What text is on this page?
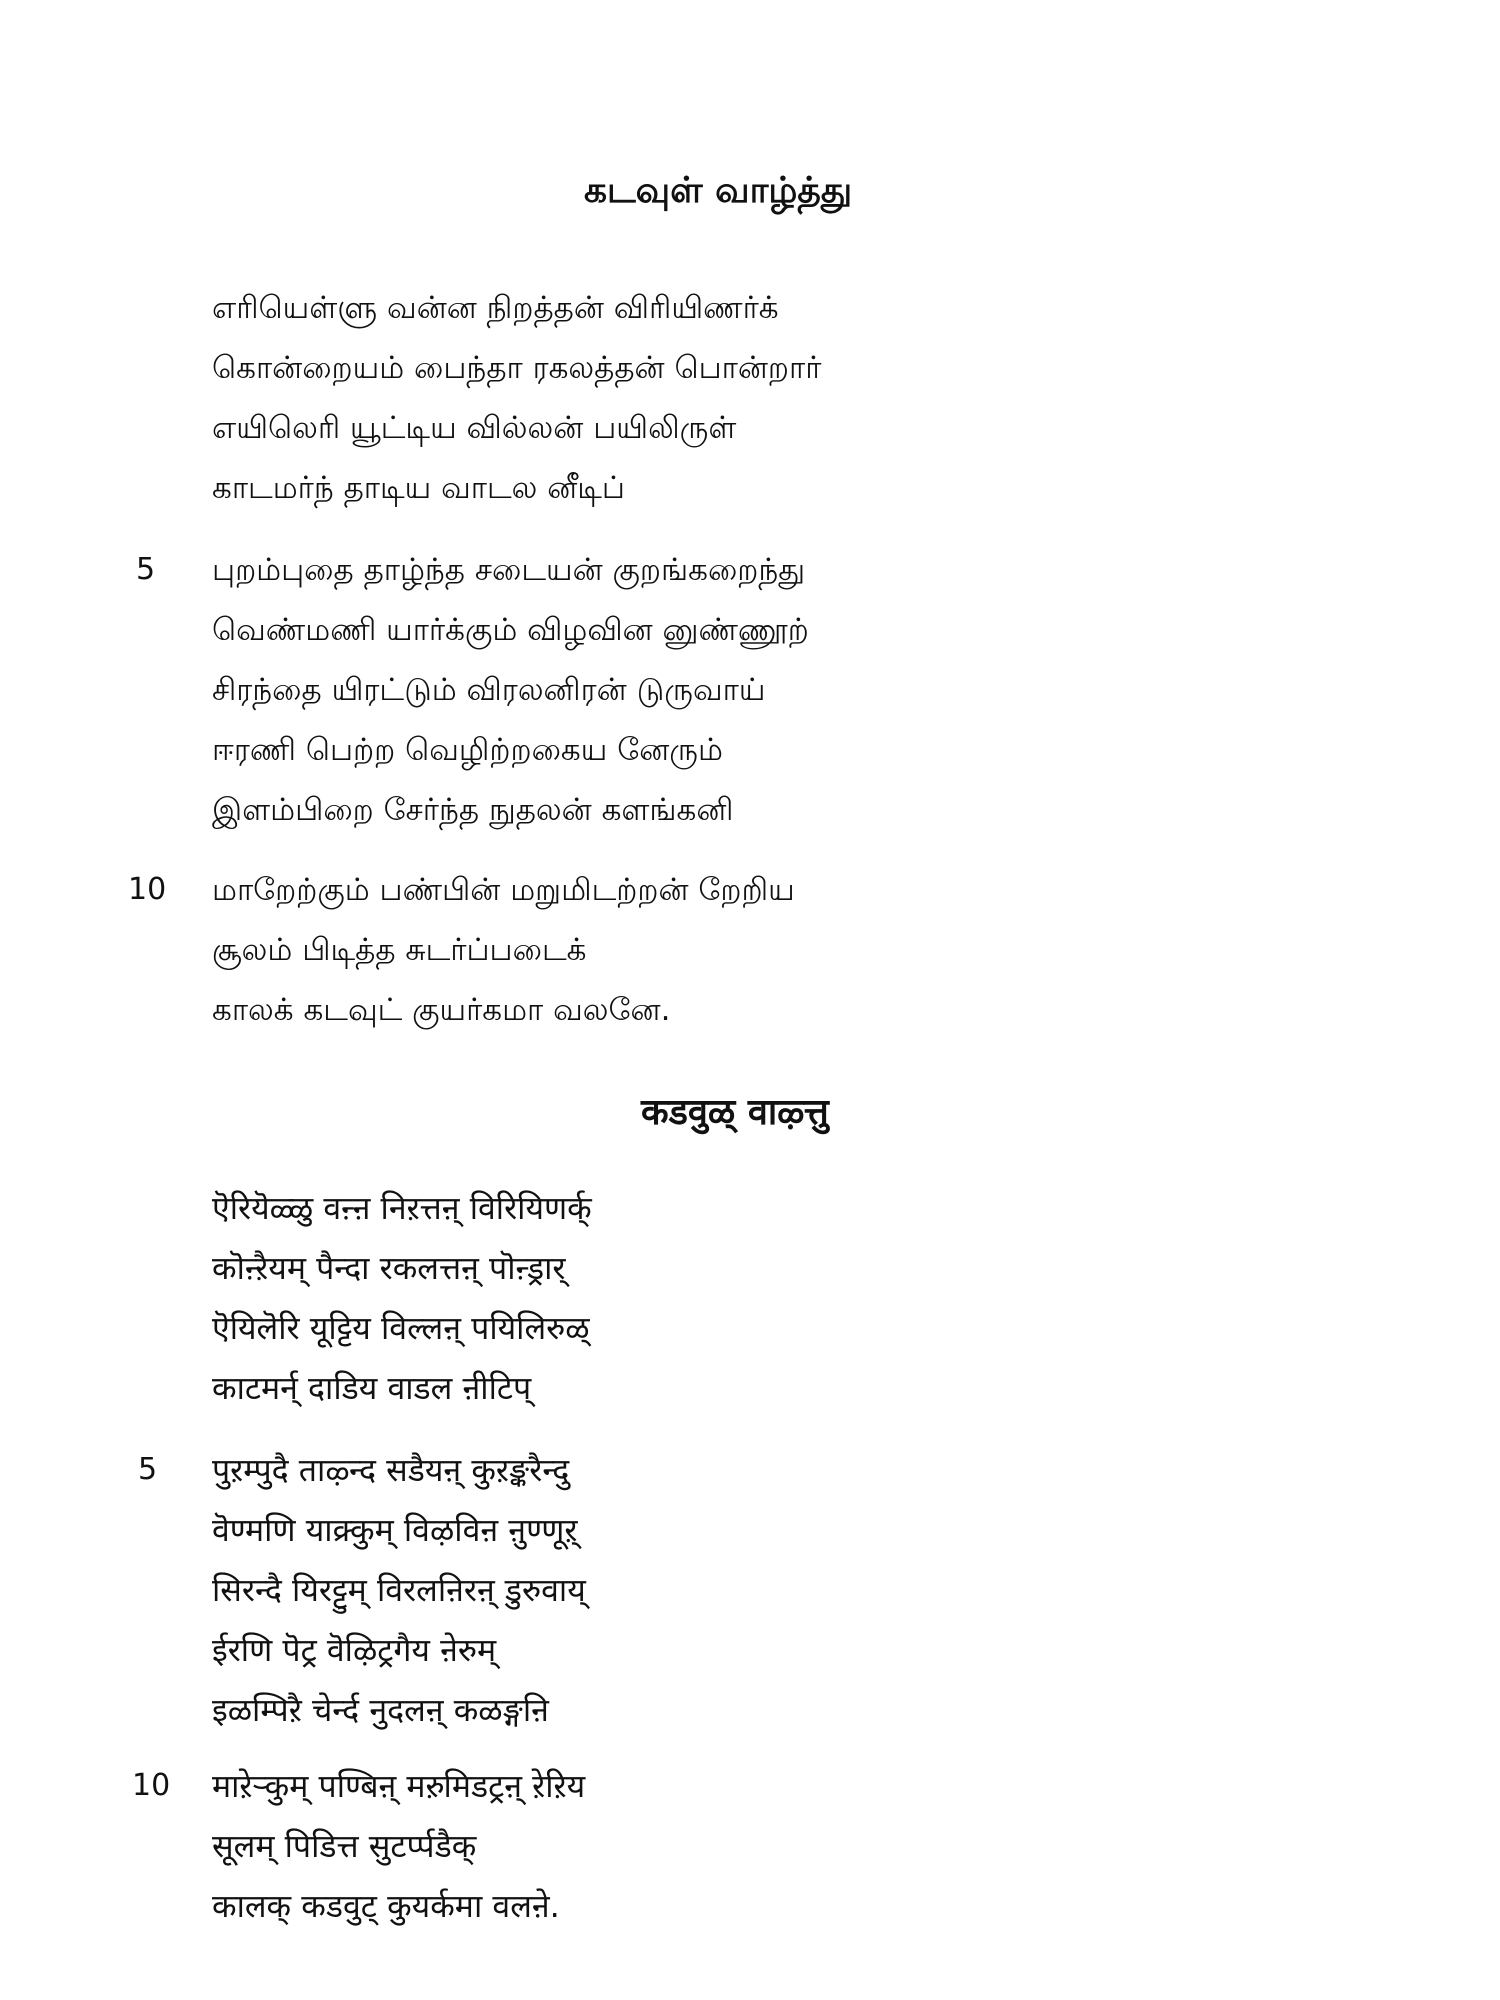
கடவுள் வாழ்த்து
எரியெள்ளு வன்ன நிறத்தன் விரியிணர்க்
கொன்றையம் பைந்தா ரகலத்தன் பொன்றார்
எயிலெரி யூட்டிய வில்லன் பயிலிருள்
காடமர்ந் தாடிய வாடல னீடிப்
5 புறம்புதை தாழ்ந்த சடையன் குறங்கறைந்து
வெண்மணி யார்க்கும் விழவின னுண்ணூற்
சிரந்தை யிரட்டும் விரலனிரன் டுருவாய்
ஈரணி பெற்ற வெழிற்றகைய னேரும்
இளம்பிறை சேர்ந்த நுதலன் களங்கனி
10 மாறேற்கும் பண்பின் மறுமிடற்றன் றேறிய
சூலம் பிடித்த சுடர்ப்படைக்
காலக் கடவுட் குயர்கமா வலனே.
कडवुळ् वाऴ्त्तु
ऎरियॆळ्ळु वऩ्ऩ निऱत्तऩ् विरियिणर्क्
कॊऩ्ऱैयम् पैन्दा रकलत्तऩ् पॊऩ्ड्रार्
ऎयिलॆरि यूट्टिय विल्लऩ् पयिलिरुळ्
काटमर्न् दाडिय वाडल ऩीटिप्
5 पुऱम्पुदै ताऴ्न्द सडैयऩ् कुऱङ्करैन्दु
वॆण्मणि याक्र्कुम् विऴविऩ ऩुण्णूऱ्
सिरन्दै यिरट्टुम् विरलऩिरऩ् डुरुवाय्
ईरणि पॆट्र वॆऴिट्रगैय ऩेरुम्
इळम्पिऱै चेर्न्द नुदलऩ् कळङ्गऩि
10 माऱेऱ्कुम् पण्बिऩ् मऱुमिडट्रऩ् ऱेऱिय
सूलम् पिडित्त सुटर्प्पडैक्
कालक् कडवुट् कुयर्कमा वलऩे.
